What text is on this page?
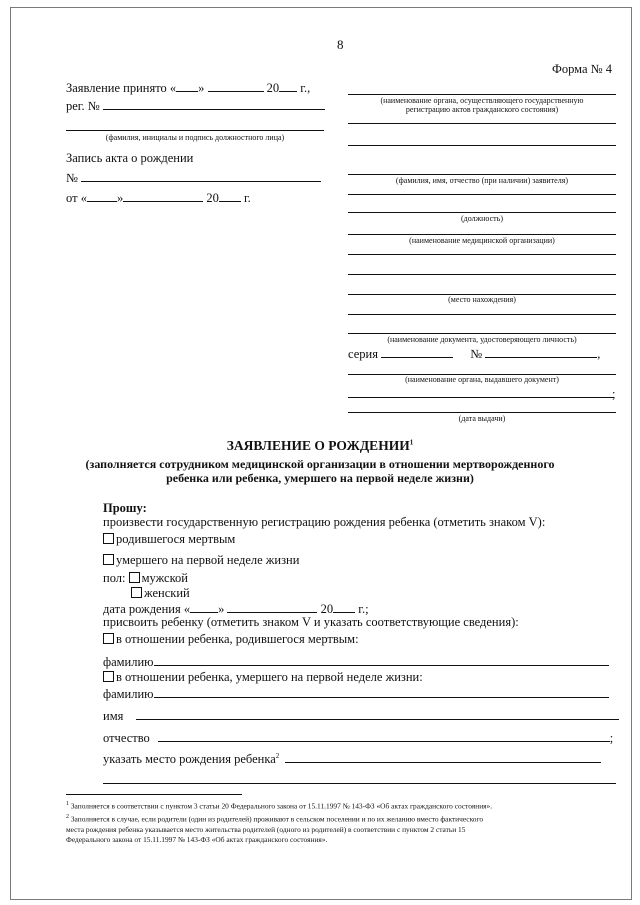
8
Форма № 4
Заявление принято « »	20 г.,
рег. №
(фамилия, инициалы и подпись должностного лица)
Запись акта о рождении
№
от « »	20 г.
(наименование органа, осуществляющего государственную
регистрацию актов гражданского состояния)
(фамилия, имя, отчество (при наличии) заявителя)
(должность)
(наименование медицинской организации)
(место нахождения)
(наименование документа, удостоверяющего личность)
серия	№	,
(наименование органа, выдавшего документ)
;
(дата выдачи)
ЗАЯВЛЕНИЕ О РОЖДЕНИИ$^1$
(заполняется сотрудником медицинской организации в отношении мертворожденного
ребенка или ребенка, умершего на первой неделе жизни)
Прошу:
произвести государственную регистрацию рождения ребенка (отметить знаком V):
родившегося мертвым
умершего на первой неделе жизни
пол: мужской
женский
дата рождения « »	20 г.;
присвоить ребенку (отметить знаком V и указать соответствующие сведения):
в отношении ребенка, родившегося мертвым:
фамилию
в отношении ребенка, умершего на первой неделе жизни:
фамилию
имя
отчество	;
указать место рождения ребенка$^2$
$^1$ Заполняется в соответствии с пунктом 3 статьи 20 Федерального закона от 15.11.1997 № 143-ФЗ «Об актах гражданского состояния».
$^2$ Заполняется в случае, если родители (один из родителей) проживают в сельском поселении и по их желанию вместо фактического
места рождения ребенка указывается место жительства родителей (одного из родителей) в соответствии с пунктом 2 статьи 15
Федерального закона от 15.11.1997 № 143-ФЗ «Об актах гражданского состояния».
